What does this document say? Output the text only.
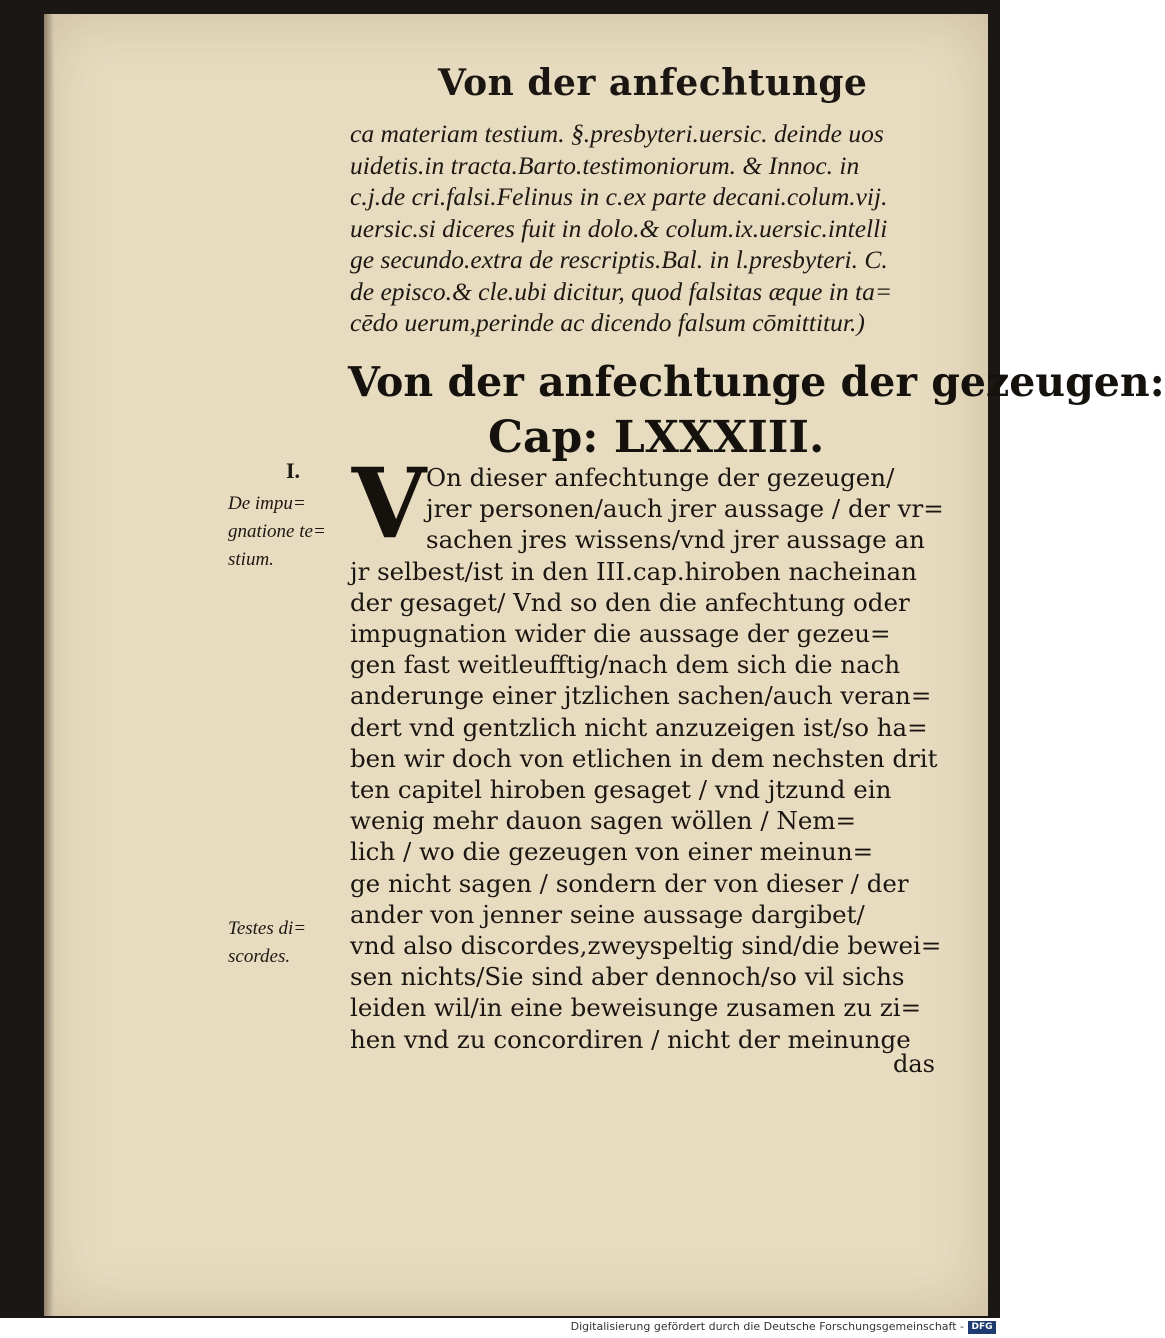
Von der anfechtunge
ca materiam testium. §.presbyteri.uersic. deinde uos
uidetis.in tracta.Barto.testimoniorum. & Innoc. in
c.j.de cri.falsi.Felinus in c.ex parte decani.colum.vij.
uersic.si diceres fuit in dolo.& colum.ix.uersic.intelli
ge secundo.extra de rescriptis.Bal. in l.presbyteri. C.
de episco.& cle.ubi dicitur, quod falsitas æque in ta=
cēdo uerum,perinde ac dicendo falsum cōmittitur.)
Von der anfechtunge der gezeugen:
Cap: LXXXIII.
I.
De impu=
gnatione te=
stium.
Testes di=
scordes.
V On dieser anfechtunge der gezeugen/
jrer personen/auch jrer aussage / der vr=
sachen jres wissens/vnd jrer aussage an
jr selbest/ist in den III.cap.hiroben nacheinan
der gesaget/ Vnd so den die anfechtung oder
impugnation wider die aussage der gezeu=
gen fast weitleufftig/nach dem sich die nach
anderunge einer jtzlichen sachen/auch veran=
dert vnd gentzlich nicht anzuzeigen ist/so ha=
ben wir doch von etlichen in dem nechsten drit
ten capitel hiroben gesaget / vnd jtzund ein
wenig mehr dauon sagen wöllen / Nem=
lich / wo die gezeugen von einer meinun=
ge nicht sagen / sondern der von dieser / der
ander von jenner seine aussage dargibet/
vnd also discordes,zweyspeltig sind/die bewei=
sen nichts/Sie sind aber dennoch/so vil sichs
leiden wil/in eine beweisunge zusamen zu zi=
hen vnd zu concordiren / nicht der meinunge
das
Digitalisierung gefördert durch die Deutsche Forschungsgemeinschaft - DFG
